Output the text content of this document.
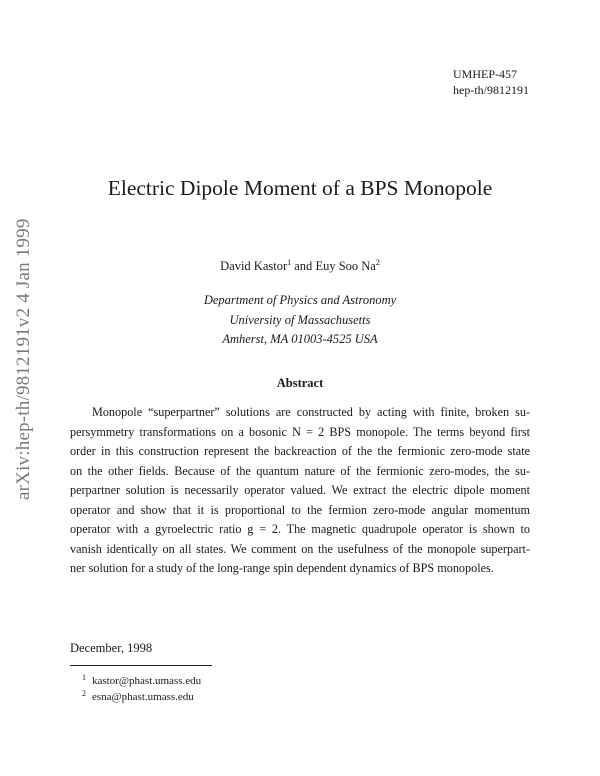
arXiv:hep-th/9812191v2 4 Jan 1999
UMHEP-457
hep-th/9812191
Electric Dipole Moment of a BPS Monopole
David Kastor$^1$ and Euy Soo Na$^2$
Department of Physics and Astronomy
University of Massachusetts
Amherst, MA 01003-4525 USA
Abstract
Monopole “superpartner” solutions are constructed by acting with finite, broken su-
persymmetry transformations on a bosonic N = 2 BPS monopole. The terms beyond first
order in this construction represent the backreaction of the the fermionic zero-mode state
on the other fields. Because of the quantum nature of the fermionic zero-modes, the su-
perpartner solution is necessarily operator valued. We extract the electric dipole moment
operator and show that it is proportional to the fermion zero-mode angular momentum
operator with a gyroelectric ratio g = 2. The magnetic quadrupole operator is shown to
vanish identically on all states. We comment on the usefulness of the monopole superpart-
ner solution for a study of the long-range spin dependent dynamics of BPS monopoles.
December, 1998
$^1$ kastor@phast.umass.edu
$^2$ esna@phast.umass.edu
